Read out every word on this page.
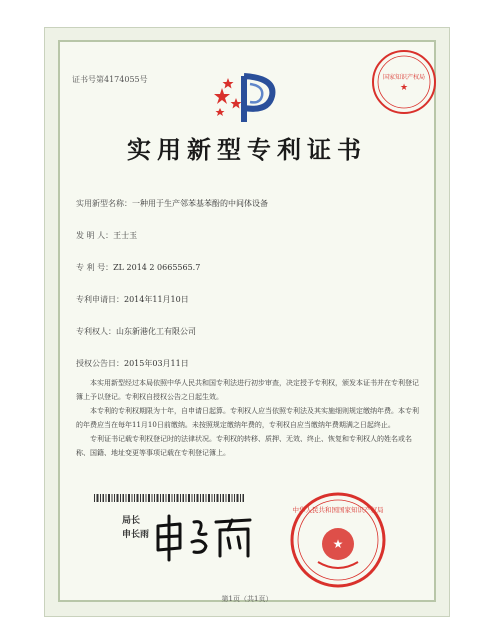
证书号第4174055号	国家知识产权局
★
实用新型专利证书
实用新型名称：一种用于生产邻苯基苯酚的中间体设备
发 明 人：王士玉
专 利 号：ZL 2014 2 0665565.7
专利申请日：2014年11月10日
专利权人：山东新港化工有限公司
授权公告日：2015年03月11日

本实用新型经过本局依照中华人民共和国专利法进行初步审查，决定授予专利权，颁发本证书并在专利登记簿上予以登记。专利权自授权公告之日起生效。

本专利的专利权期限为十年，自申请日起算。专利权人应当依照专利法及其实施细则规定缴纳年费。本专利的年费应当在每年11月10日前缴纳。未按照规定缴纳年费的，专利权自应当缴纳年费期满之日起终止。

专利证书记载专利权登记时的法律状况。专利权的转移、质押、无效、终止、恢复和专利权人的姓名或名称、国籍、地址变更等事项记载在专利登记簿上。

局长
申长雨
中华人民共和国国家知识产权局
★
第1页（共1页）
